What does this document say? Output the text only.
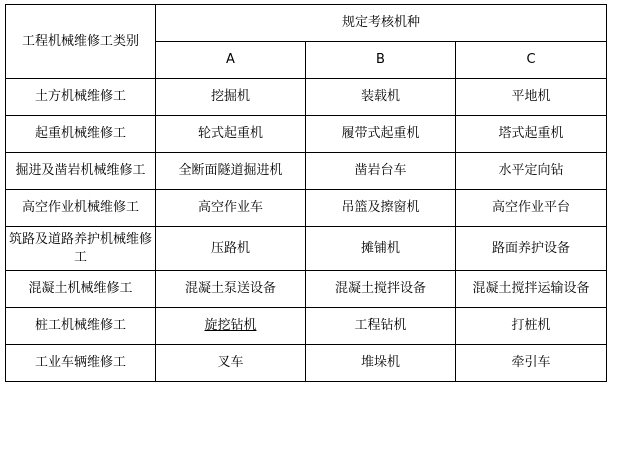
工程机械维修工类别	规定考核机种		
	A	B	C
土方机械维修工	挖掘机	装载机	平地机
起重机械维修工	轮式起重机	履带式起重机	塔式起重机
掘进及凿岩机械维修工	全断面隧道掘进机	凿岩台车	水平定向钻
高空作业机械维修工	高空作业车	吊篮及擦窗机	高空作业平台
筑路及道路养护机械维修工	压路机	摊铺机	路面养护设备
混凝土机械维修工	混凝土泵送设备	混凝土搅拌设备	混凝土搅拌运输设备
桩工机械维修工	旋挖钻机	工程钻机	打桩机
工业车辆维修工	叉车	堆垛机	牵引车
